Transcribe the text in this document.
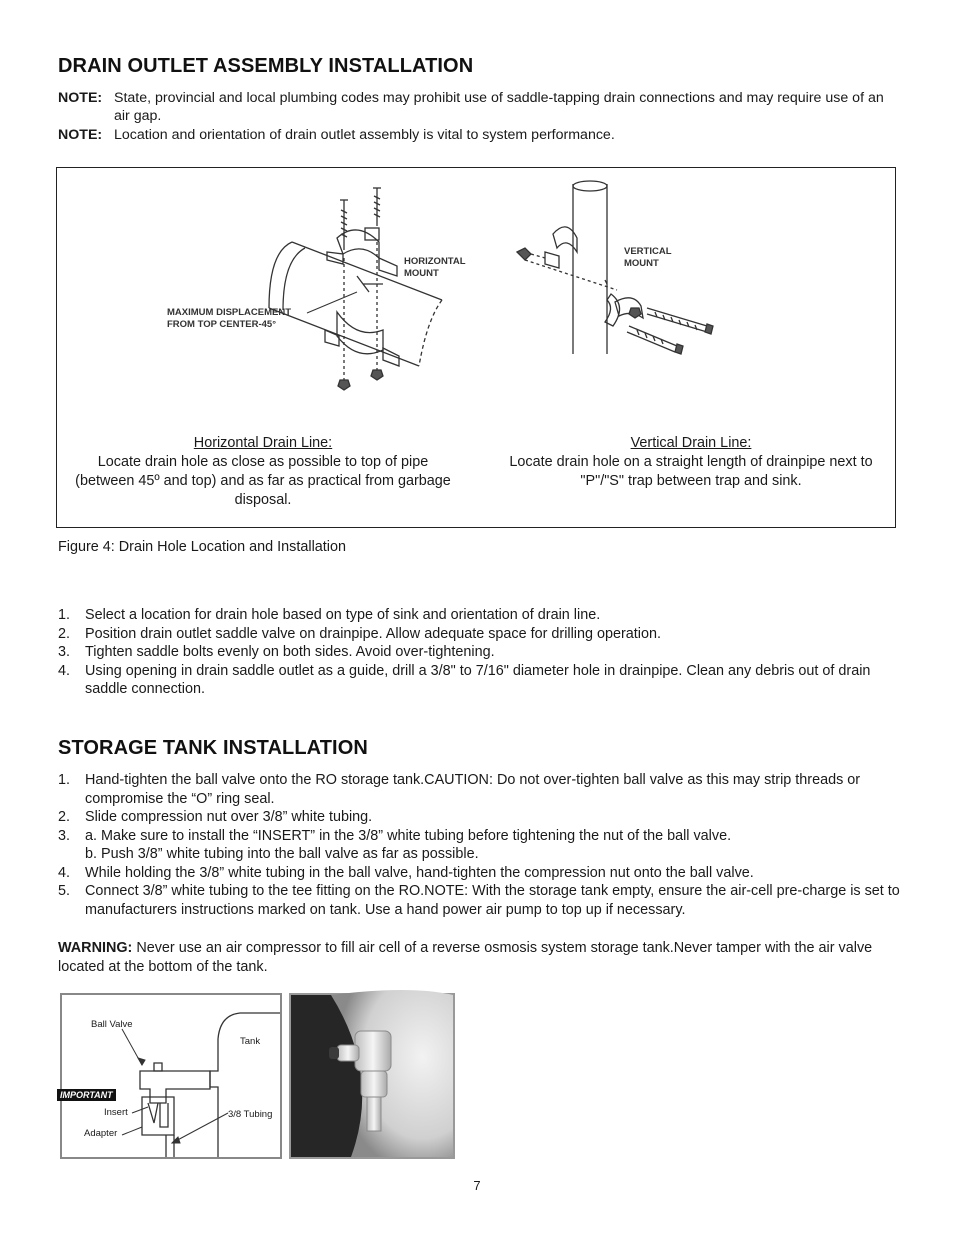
DRAIN OUTLET ASSEMBLY INSTALLATION
NOTE: State, provincial and local plumbing codes may prohibit use of saddle-tapping drain connections and may require use of an air gap.
NOTE: Location and orientation of drain outlet assembly is vital to system performance.
HORIZONTAL
MOUNT
MAXIMUM DISPLACEMENT
FROM TOP CENTER-45°
VERTICAL
MOUNT
Horizontal Drain Line:
Locate drain hole as close as possible to top of pipe (between 45º and top) and as far as practical from garbage disposal.
Vertical Drain Line:
Locate drain hole on a straight length of drainpipe next to "P"/"S" trap between trap and sink.
Figure 4: Drain Hole Location and Installation
1. Select a location for drain hole based on type of sink and orientation of drain line.
2. Position drain outlet saddle valve on drainpipe. Allow adequate space for drilling operation.
3. Tighten saddle bolts evenly on both sides. Avoid over-tightening.
4. Using opening in drain saddle outlet as a guide, drill a 3/8" to 7/16" diameter hole in drainpipe. Clean any debris out of drain saddle connection.
STORAGE TANK INSTALLATION
1. Hand-tighten the ball valve onto the RO storage tank.CAUTION: Do not over-tighten ball valve as this may strip threads or compromise the “O” ring seal.
2. Slide compression nut over 3/8” white tubing.
3. a. Make sure to install the “INSERT” in the 3/8” white tubing before tightening the nut of the ball valve.
b. Push 3/8” white tubing into the ball valve as far as possible.
4. While holding the 3/8” white tubing in the ball valve, hand-tighten the compression nut onto the ball valve.
5. Connect 3/8” white tubing to the tee fitting on the RO.NOTE: With the storage tank empty, ensure the air-cell pre-charge is set to manufacturers instructions marked on tank. Use a hand power air pump to top up if necessary.
WARNING: Never use an air compressor to fill air cell of a reverse osmosis system storage tank.Never tamper with the air valve located at the bottom of the tank.
Ball Valve
Tank
IMPORTANT
Insert
Adapter
3/8 Tubing
7
